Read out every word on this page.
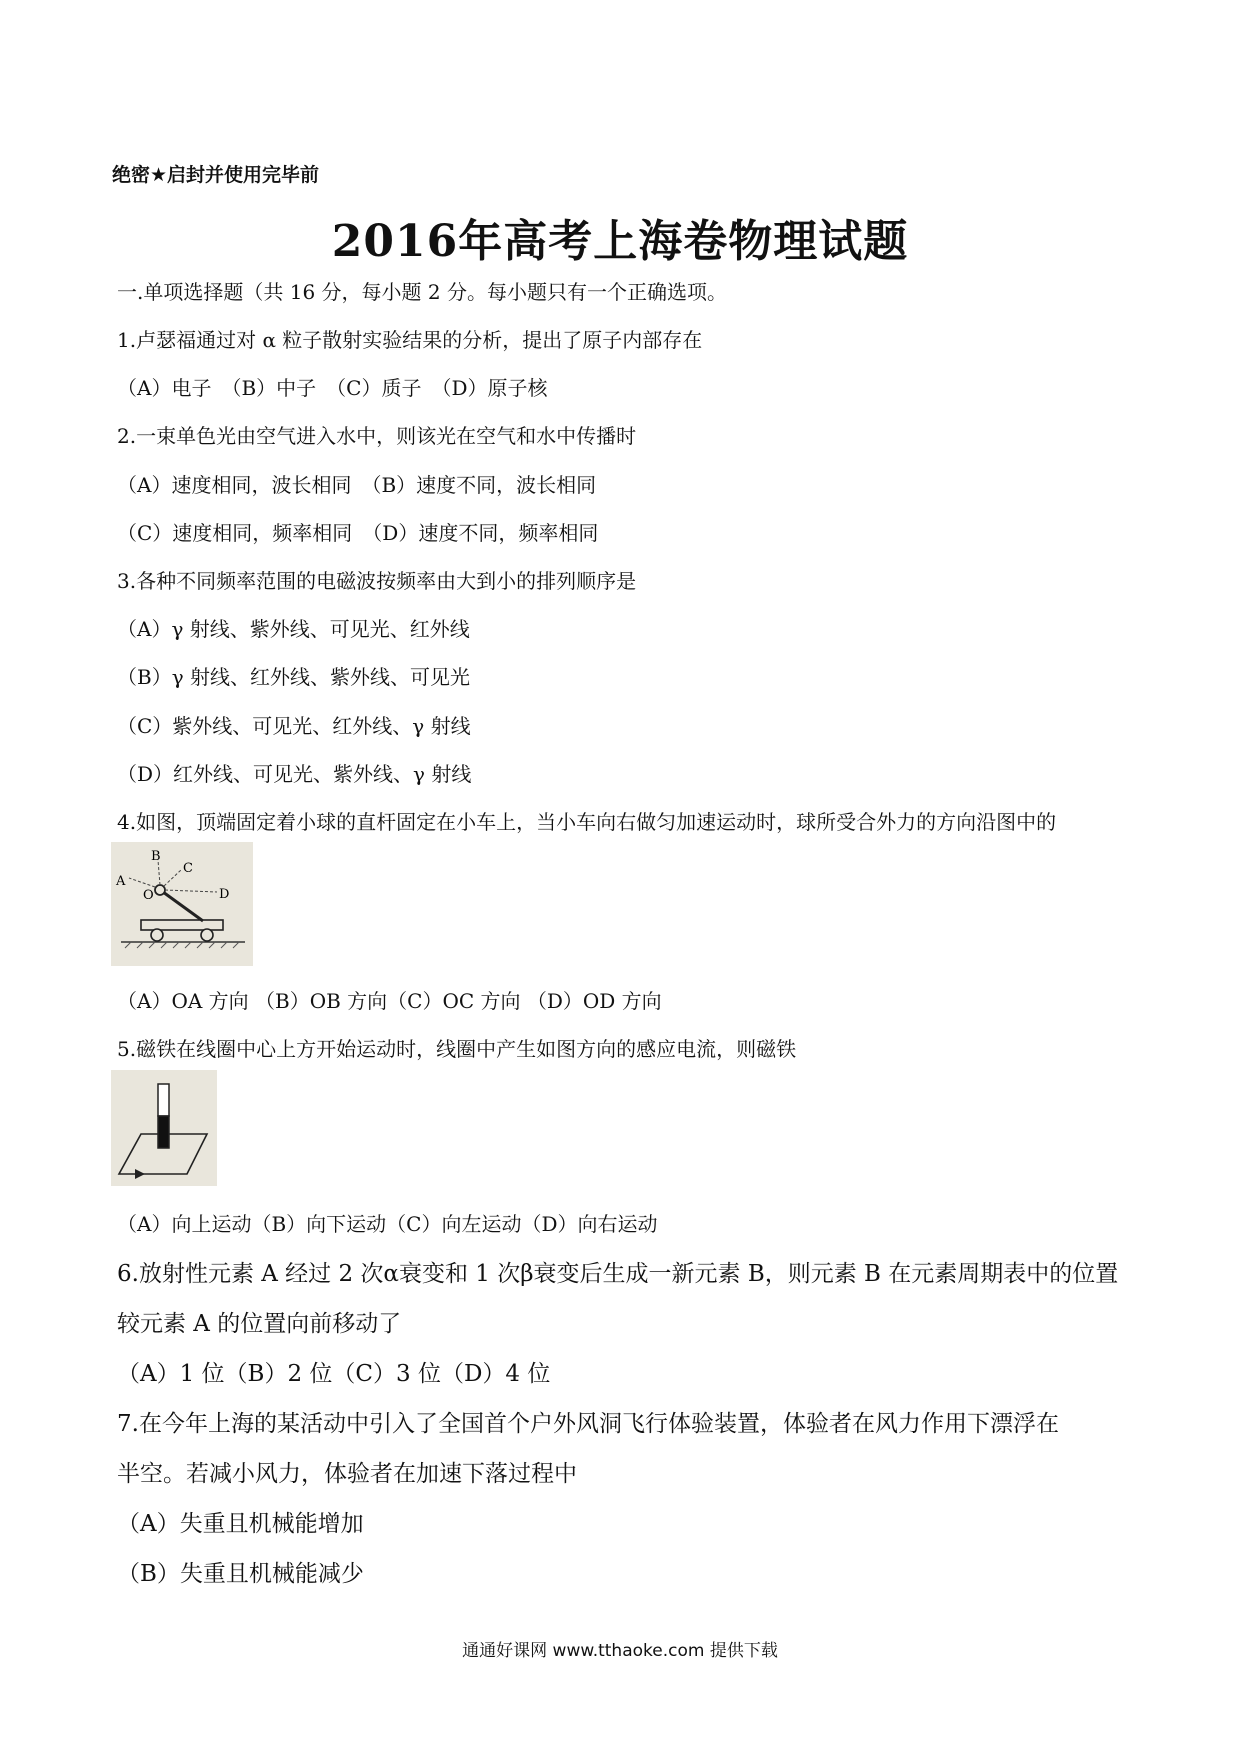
绝密★启封并使用完毕前
2016年高考上海卷物理试题
一.单项选择题（共 16 分，每小题 2 分。每小题只有一个正确选项。
1.卢瑟福通过对 α 粒子散射实验结果的分析，提出了原子内部存在
（A）电子　（B）中子　（C）质子　（D）原子核
2.一束单色光由空气进入水中，则该光在空气和水中传播时
（A）速度相同，波长相同　（B）速度不同，波长相同
（C）速度相同，频率相同　（D）速度不同，频率相同
3.各种不同频率范围的电磁波按频率由大到小的排列顺序是
（A）γ 射线、紫外线、可见光、红外线
（B）γ 射线、红外线、紫外线、可见光
（C）紫外线、可见光、红外线、γ 射线
（D）红外线、可见光、紫外线、γ 射线
4.如图，顶端固定着小球的直杆固定在小车上，当小车向右做匀加速运动时，球所受合外力的方向沿图中的
A
B
C
D
O
（A）OA 方向 （B）OB 方向（C）OC 方向 （D）OD 方向
5.磁铁在线圈中心上方开始运动时，线圈中产生如图方向的感应电流，则磁铁
（A）向上运动（B）向下运动（C）向左运动（D）向右运动
6.放射性元素 A 经过 2 次α衰变和 1 次β衰变后生成一新元素 B，则元素 B 在元素周期表中的位置
较元素 A 的位置向前移动了
（A）1 位（B）2 位（C）3 位（D）4 位
7.在今年上海的某活动中引入了全国首个户外风洞飞行体验装置，体验者在风力作用下漂浮在
半空。若减小风力，体验者在加速下落过程中
（A）失重且机械能增加
（B）失重且机械能减少
通通好课网 www.tthaoke.com 提供下载
